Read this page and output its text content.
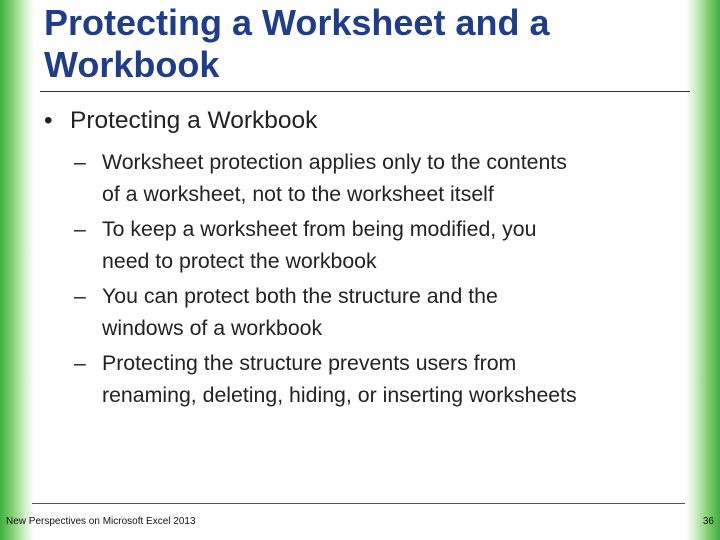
Protecting a Worksheet and a
Workbook
• Protecting a Workbook
– Worksheet protection applies only to the contents
of a worksheet, not to the worksheet itself
– To keep a worksheet from being modified, you
need to protect the workbook
– You can protect both the structure and the
windows of a workbook
– Protecting the structure prevents users from
renaming, deleting, hiding, or inserting worksheets
New Perspectives on Microsoft Excel 2013	36
